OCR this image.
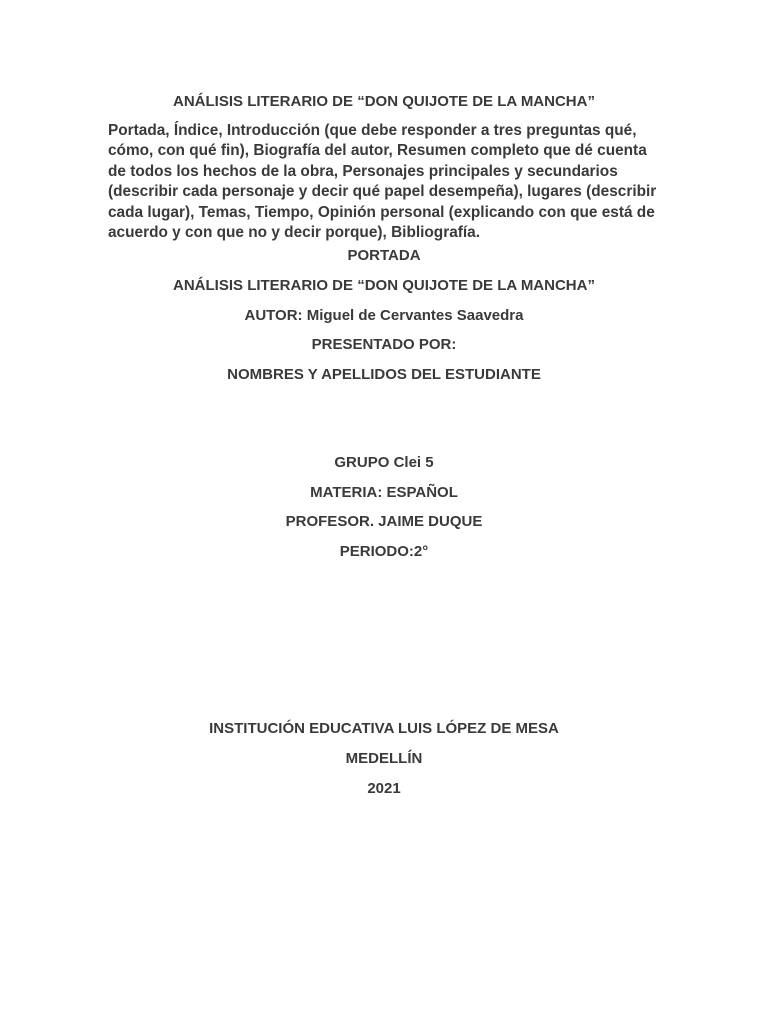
ANÁLISIS LITERARIO DE “DON QUIJOTE DE LA MANCHA”

Portada, Índice, Introducción (que debe responder a tres preguntas qué, cómo, con qué fin), Biografía del autor, Resumen completo que dé cuenta de todos los hechos de la obra, Personajes principales y secundarios (describir cada personaje y decir qué papel desempeña), lugares (describir cada lugar), Temas, Tiempo, Opinión personal (explicando con que está de acuerdo y con que no y decir porque), Bibliografía.

PORTADA
ANÁLISIS LITERARIO DE “DON QUIJOTE DE LA MANCHA”
AUTOR: Miguel de Cervantes Saavedra
PRESENTADO POR:
NOMBRES Y APELLIDOS DEL ESTUDIANTE
GRUPO Clei 5
MATERIA: ESPAÑOL
PROFESOR. JAIME DUQUE
PERIODO:2°
INSTITUCIÓN EDUCATIVA LUIS LÓPEZ DE MESA
MEDELLÍN
2021
